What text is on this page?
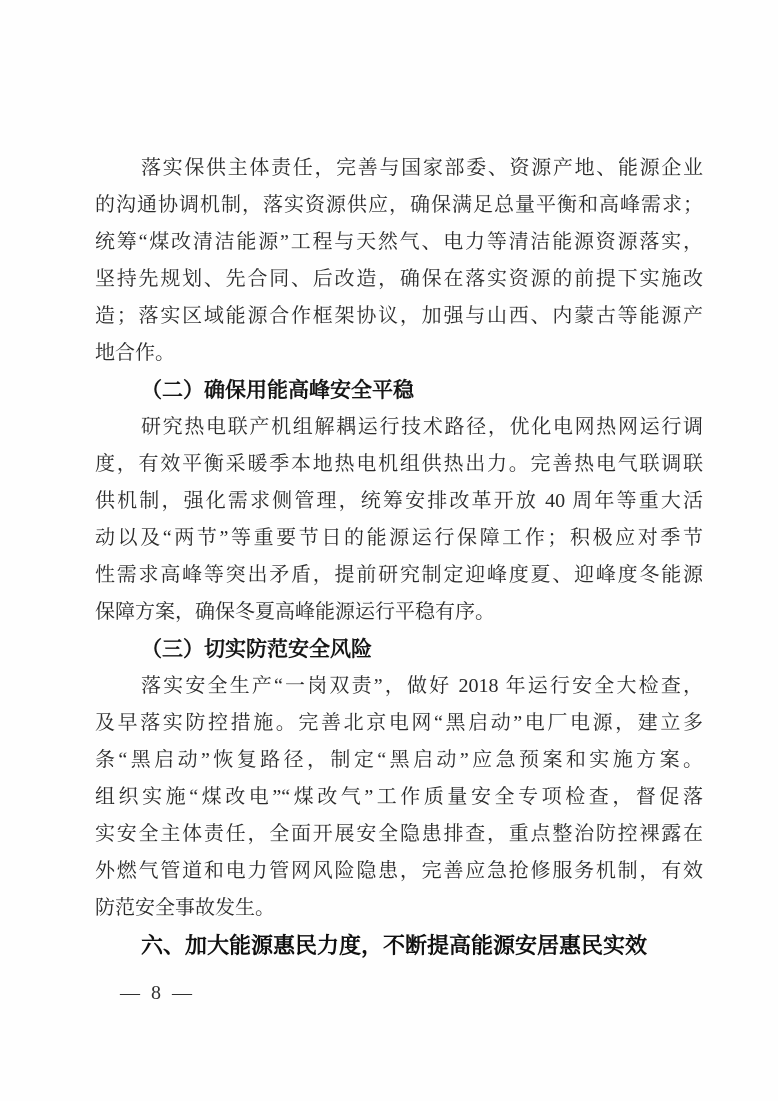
落实保供主体责任，完善与国家部委、资源产地、能源企业
的沟通协调机制，落实资源供应，确保满足总量平衡和高峰需求；
统筹“煤改清洁能源”工程与天然气、电力等清洁能源资源落实，
坚持先规划、先合同、后改造，确保在落实资源的前提下实施改
造；落实区域能源合作框架协议，加强与山西、内蒙古等能源产
地合作。
（二）确保用能高峰安全平稳
研究热电联产机组解耦运行技术路径，优化电网热网运行调
度，有效平衡采暖季本地热电机组供热出力。完善热电气联调联
供机制，强化需求侧管理，统筹安排改革开放 40 周年等重大活
动以及“两节”等重要节日的能源运行保障工作；积极应对季节
性需求高峰等突出矛盾，提前研究制定迎峰度夏、迎峰度冬能源
保障方案，确保冬夏高峰能源运行平稳有序。
（三）切实防范安全风险
落实安全生产“一岗双责”，做好 2018 年运行安全大检查，
及早落实防控措施。完善北京电网“黑启动”电厂电源，建立多
条“黑启动”恢复路径，制定“黑启动”应急预案和实施方案。
组织实施“煤改电”“煤改气”工作质量安全专项检查，督促落
实安全主体责任，全面开展安全隐患排查，重点整治防控裸露在
外燃气管道和电力管网风险隐患，完善应急抢修服务机制，有效
防范安全事故发生。
六、加大能源惠民力度，不断提高能源安居惠民实效
— 8 —
